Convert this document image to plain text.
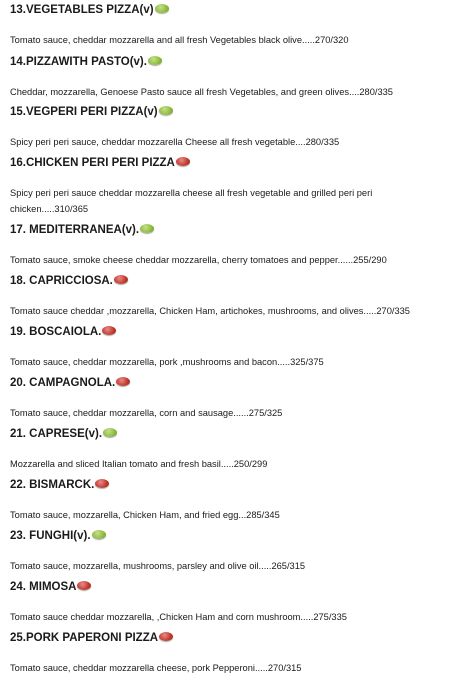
13.VEGETABLES PIZZA(v)
Tomato sauce, cheddar mozzarella and all fresh Vegetables black olive.....270/320
14.PIZZAWITH PASTO(v).
Cheddar, mozzarella, Genoese Pasto sauce all fresh Vegetables, and green olives....280/335
15.VEGPERI PERI PIZZA(v)
Spicy peri peri sauce, cheddar mozzarella Cheese all fresh vegetable....280/335
16.CHICKEN PERI PERI PIZZA
Spicy peri peri sauce cheddar mozzarella cheese all fresh vegetable and grilled peri peri chicken.....310/365
17. MEDITERRANEA(v).
Tomato sauce, smoke cheese cheddar mozzarella, cherry tomatoes and pepper......255/290
18. CAPRICCIOSA.
Tomato sauce cheddar ,mozzarella, Chicken Ham, artichokes, mushrooms, and olives.....270/335
19. BOSCAIOLA.
Tomato sauce, cheddar mozzarella, pork ,mushrooms and bacon.....325/375
20. CAMPAGNOLA.
Tomato sauce, cheddar mozzarella, corn and sausage......275/325
21. CAPRESE(v).
Mozzarella and sliced Italian tomato and fresh basil.....250/299
22. BISMARCK.
Tomato sauce, mozzarella, Chicken Ham, and fried egg...285/345
23. FUNGHI(v).
Tomato sauce, mozzarella, mushrooms, parsley and olive oil.....265/315
24. MIMOSA
Tomato sauce cheddar mozzarella, ,Chicken Ham and corn mushroom.....275/335
25.PORK PAPERONI PIZZA
Tomato sauce, cheddar mozzarella cheese, pork Pepperoni.....270/315
